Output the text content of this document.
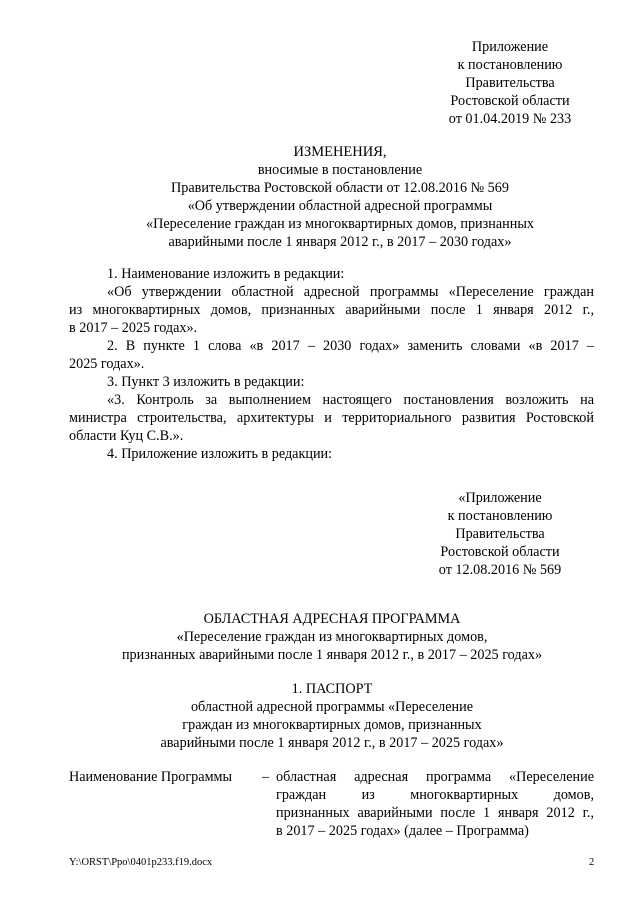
Приложение
к постановлению
Правительства
Ростовской области
от 01.04.2019 № 233
ИЗМЕНЕНИЯ,
вносимые в постановление
Правительства Ростовской области от 12.08.2016 № 569
«Об утверждении областной адресной программы
«Переселение граждан из многоквартирных домов, признанных
аварийными после 1 января 2012 г., в 2017 – 2030 годах»
1. Наименование изложить в редакции:
«Об утверждении областной адресной программы «Переселение граждан
из многоквартирных домов, признанных аварийными после 1 января 2012 г.,
в 2017 – 2025 годах».
2. В пункте 1 слова «в 2017 – 2030 годах» заменить словами «в 2017 –
2025 годах».
3. Пункт 3 изложить в редакции:
«3. Контроль за выполнением настоящего постановления возложить на
министра строительства, архитектуры и территориального развития Ростовской
области Куц С.В.».
4. Приложение изложить в редакции:
«Приложение
к постановлению
Правительства
Ростовской области
от 12.08.2016 № 569
ОБЛАСТНАЯ АДРЕСНАЯ ПРОГРАММА
«Переселение граждан из многоквартирных домов,
признанных аварийными после 1 января 2012 г., в 2017 – 2025 годах»
1. ПАСПОРТ
областной адресной программы «Переселение
граждан из многоквартирных домов, признанных
аварийными после 1 января 2012 г., в 2017 – 2025 годах»
Наименование Программы – областная адресная программа «Переселение
граждан из многоквартирных домов,
признанных аварийными после 1 января 2012 г.,
в 2017 – 2025 годах» (далее – Программа)
Y:\ORST\Ppo\0401p233.f19.docx	2
